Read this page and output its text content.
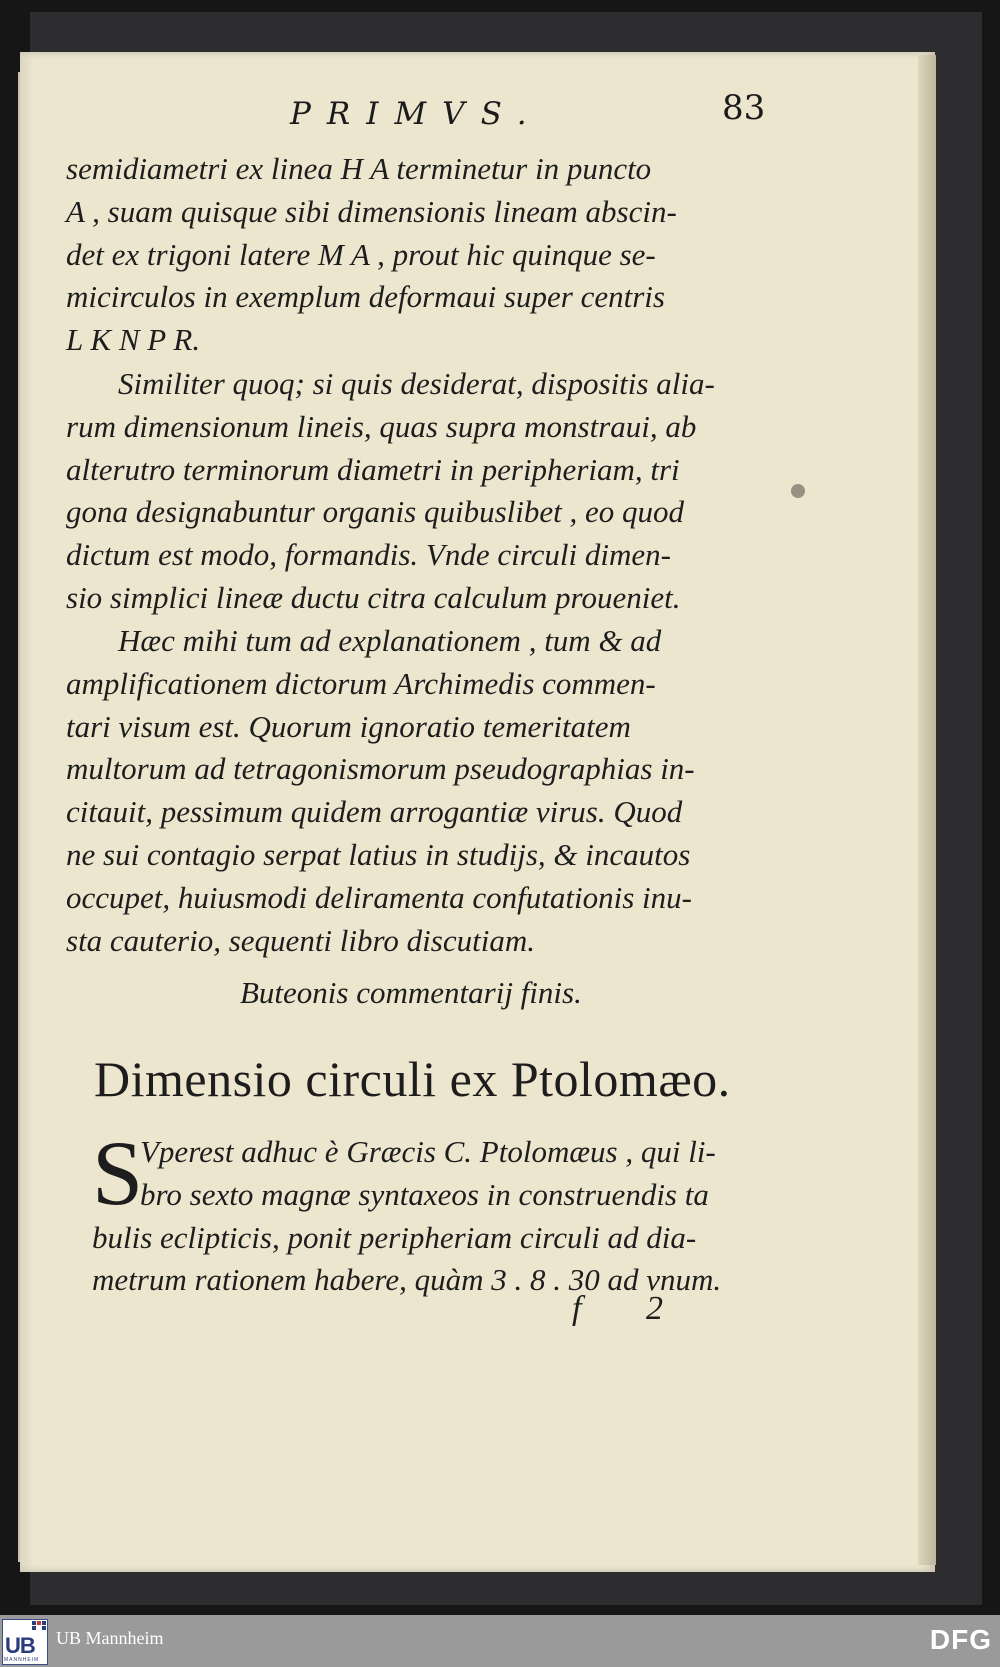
PRIMVS.	83
semidiametri ex linea H A terminetur in puncto
A , suam quisque sibi dimensionis lineam abscin-
det ex trigoni latere M A , prout hic quinque se-
micirculos in exemplum deformaui super centris
L K N P R.
Similiter quoq; si quis desiderat, dispositis alia-
rum dimensionum lineis, quas supra monstraui, ab
alterutro terminorum diametri in peripheriam, tri
gona designabuntur organis quibuslibet , eo quod
dictum est modo, formandis. Vnde circuli dimen-
sio simplici lineæ ductu citra calculum proueniet.
Hæc mihi tum ad explanationem , tum & ad
amplificationem dictorum Archimedis commen-
tari visum est. Quorum ignoratio temeritatem
multorum ad tetragonismorum pseudographias in-
citauit, pessimum quidem arrogantiæ virus. Quod
ne sui contagio serpat latius in studijs, & incautos
occupet, huiusmodi deliramenta confutationis inu-
sta cauterio, sequenti libro discutiam.
Buteonis commentarij finis.
Dimensio circuli ex Ptolomæo.
S
Vperest adhuc è Græcis C. Ptolomæus , qui li-
bro sexto magnæ syntaxeos in construendis ta
bulis eclipticis, ponit peripheriam circuli ad dia-
metrum rationem habere, quàm 3 . 8 . 30 ad vnum.
f 2
UB
MANNHEIM
UB Mannheim	DFG
